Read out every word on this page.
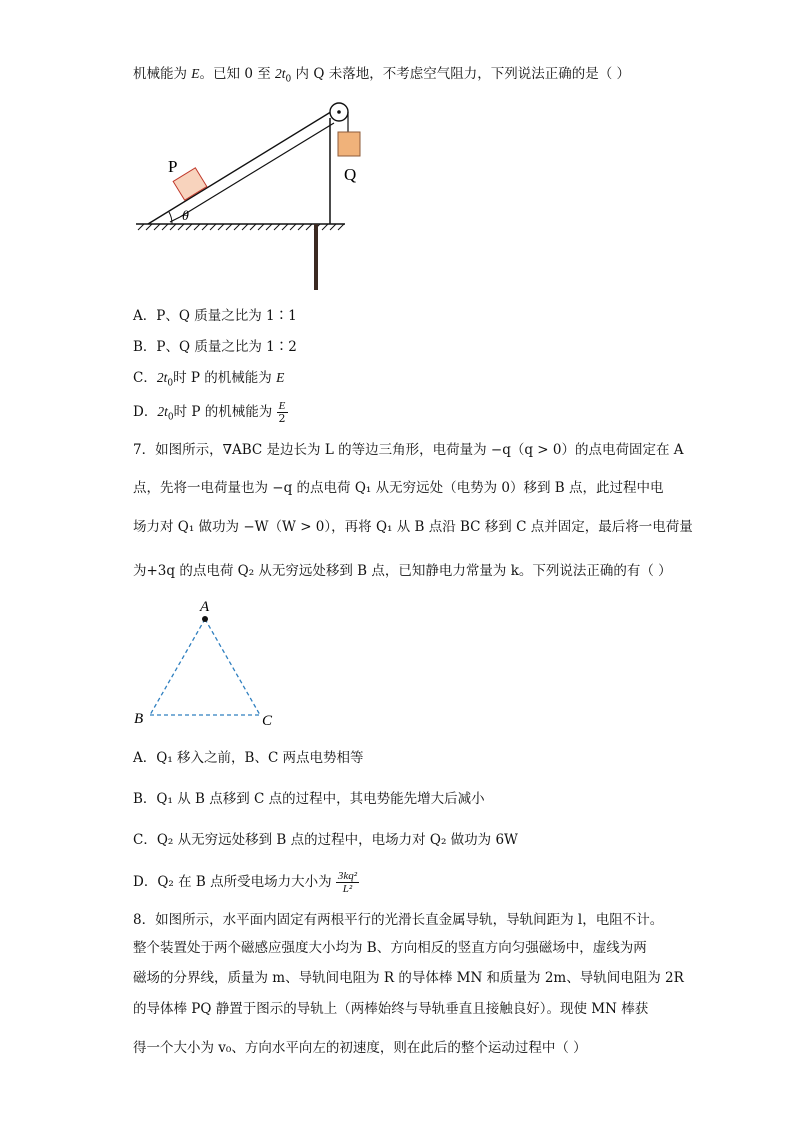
机械能为 E。已知 0 至 $2t_0$ 内 Q 未落地，不考虑空气阻力，下列说法正确的是（ ）
Q
P
θ
A．P、Q 质量之比为 1∶1
B．P、Q 质量之比为 1∶2
C．$2t_0$时 P 的机械能为 E
D．$2t_0$时 P 的机械能为 $\frac{E}{2}$
7．如图所示，∇ABC 是边长为 L 的等边三角形，电荷量为 −q（q > 0）的点电荷固定在 A
点，先将一电荷量也为 −q 的点电荷 Q₁ 从无穷远处（电势为 0）移到 B 点，此过程中电
场力对 Q₁ 做功为 −W（W > 0），再将 Q₁ 从 B 点沿 BC 移到 C 点并固定，最后将一电荷量
为+3q 的点电荷 Q₂ 从无穷远处移到 B 点，已知静电力常量为 k。下列说法正确的有（ ）
A
B	C
A．Q₁ 移入之前，B、C 两点电势相等
B．Q₁ 从 B 点移到 C 点的过程中，其电势能先增大后减小
C．Q₂ 从无穷远处移到 B 点的过程中，电场力对 Q₂ 做功为 6W
D．Q₂ 在 B 点所受电场力大小为 $\frac{\text{3kq²}}{\text{L²}}$
8．如图所示，水平面内固定有两根平行的光滑长直金属导轨，导轨间距为 l，电阻不计。
整个装置处于两个磁感应强度大小均为 B、方向相反的竖直方向匀强磁场中，虚线为两
磁场的分界线，质量为 m、导轨间电阻为 R 的导体棒 MN 和质量为 2m、导轨间电阻为 2R
的导体棒 PQ 静置于图示的导轨上（两棒始终与导轨垂直且接触良好）。现使 MN 棒获
得一个大小为 v₀、方向水平向左的初速度，则在此后的整个运动过程中（ ）
